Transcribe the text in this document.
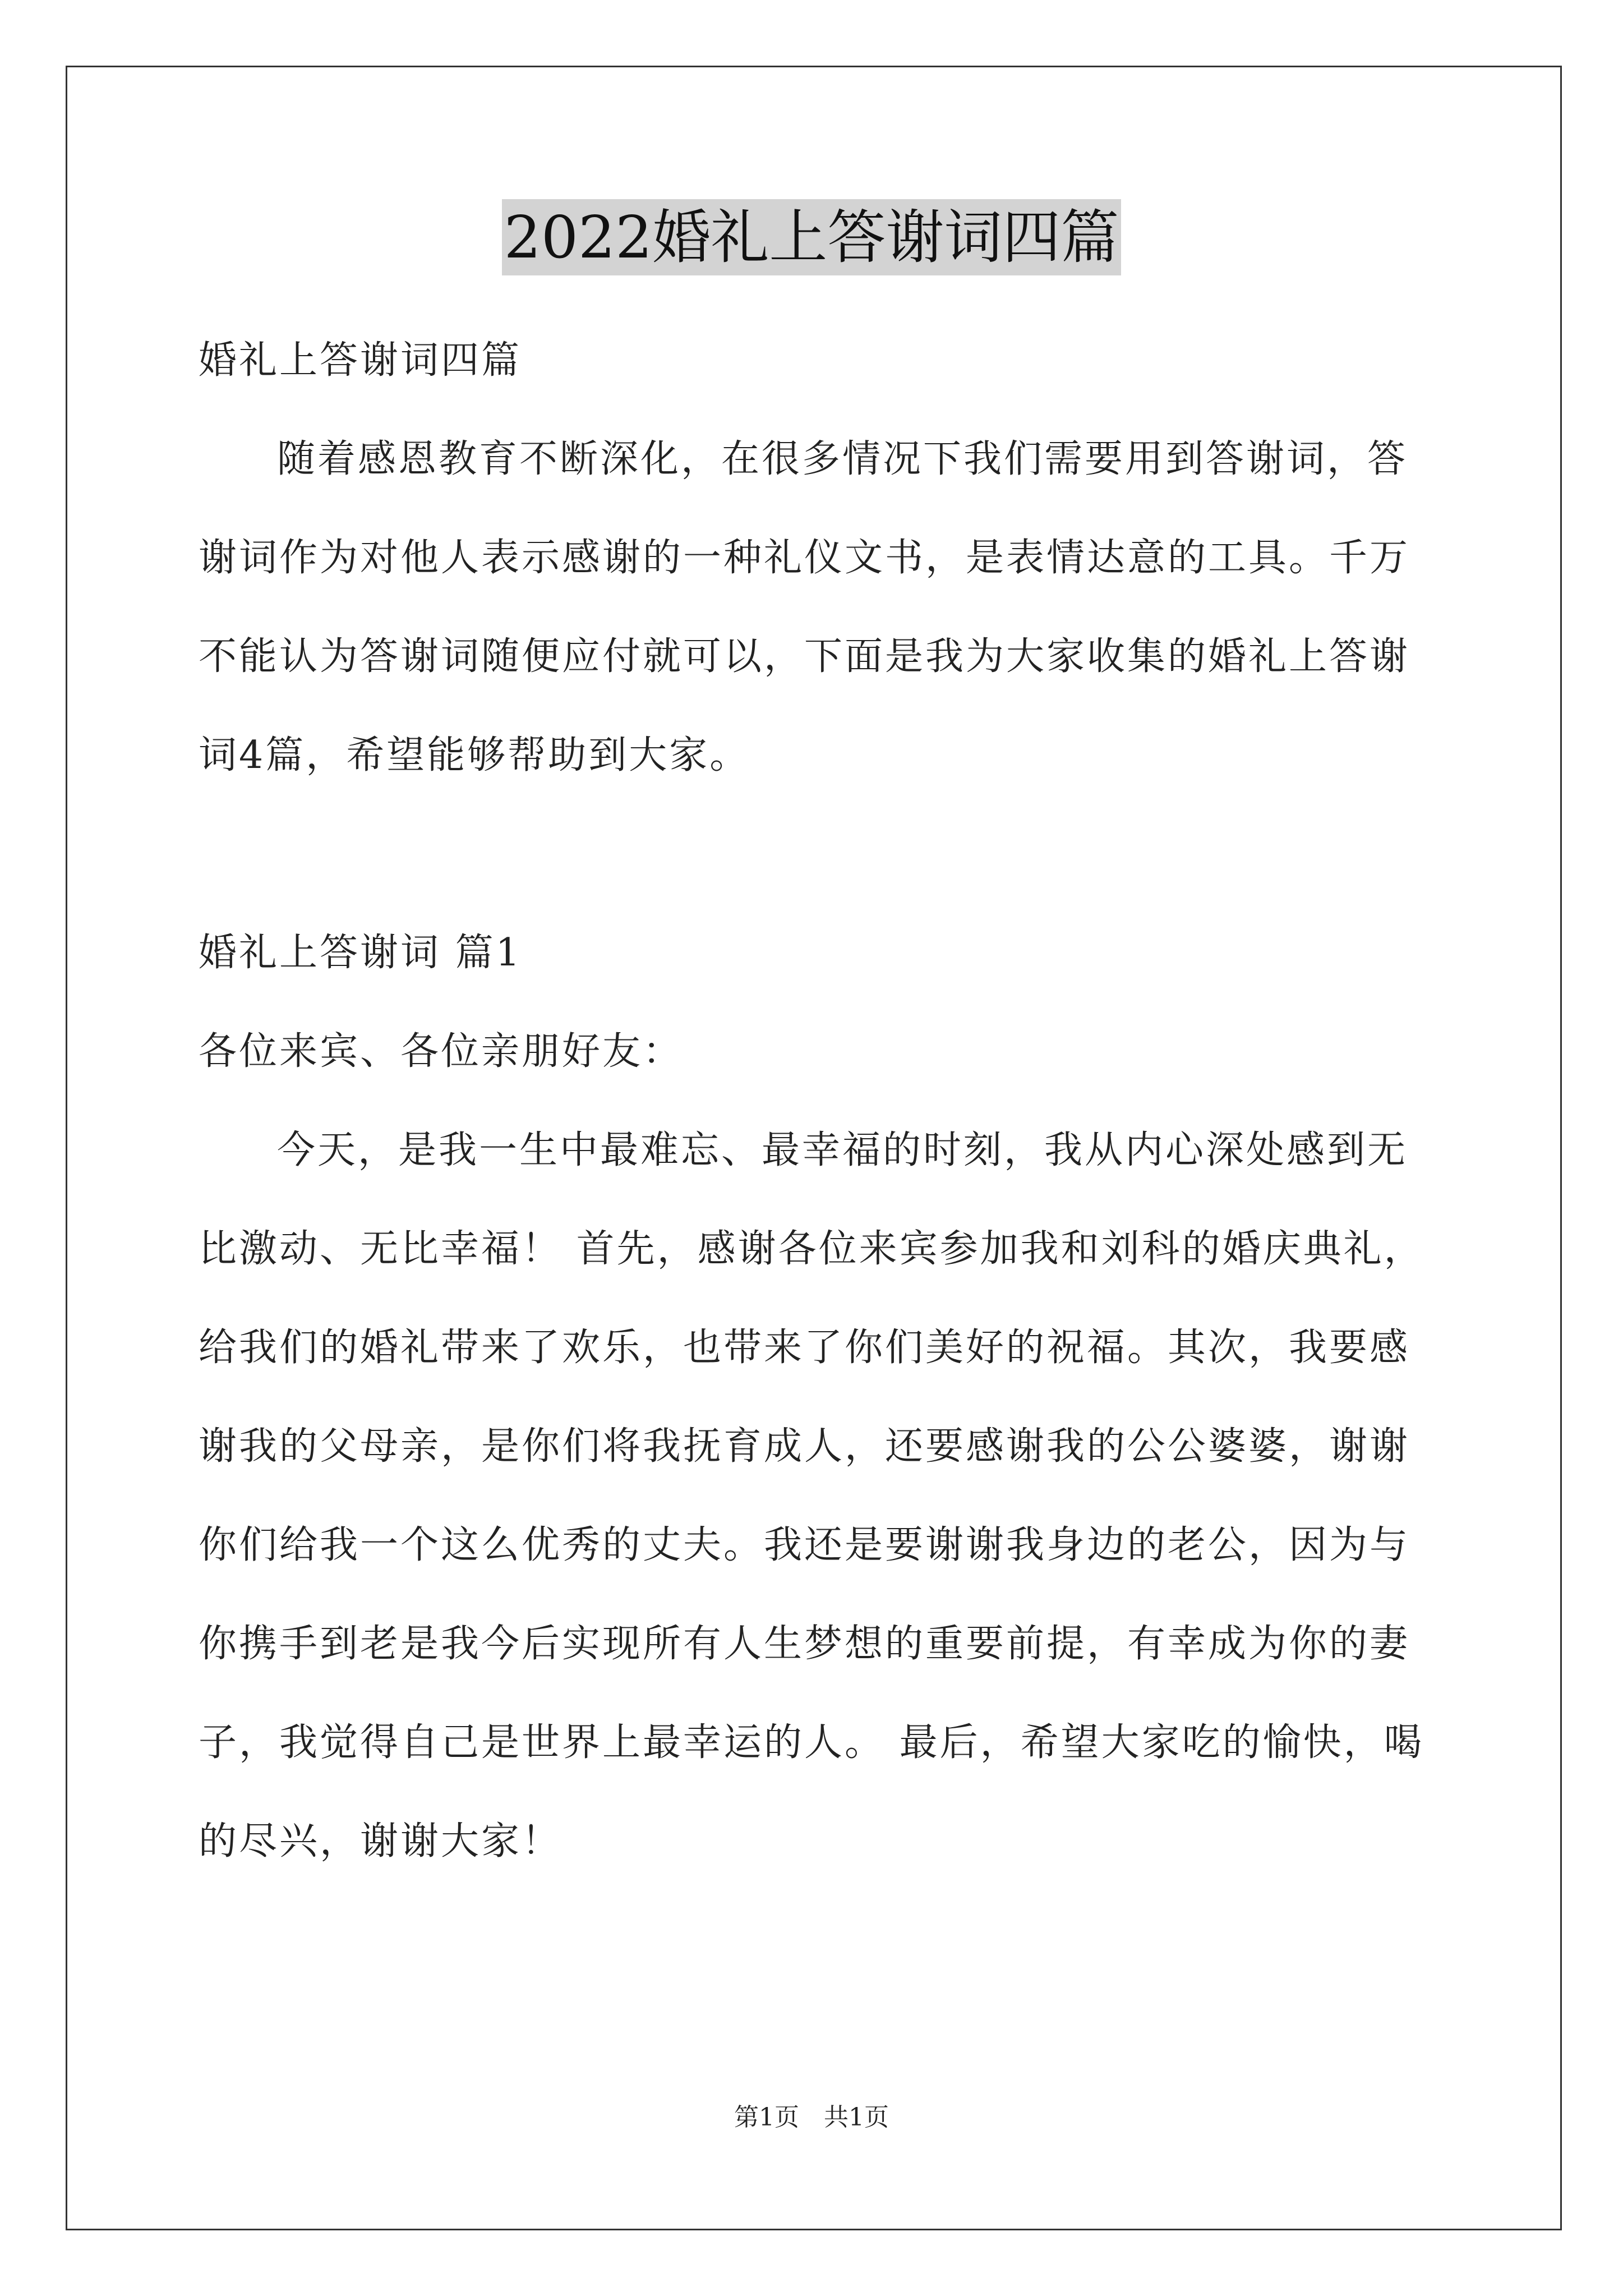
2022婚礼上答谢词四篇

婚礼上答谢词四篇

随着感恩教育不断深化，在很多情况下我们需要用到答谢词，答谢词作为对他人表示感谢的一种礼仪文书，是表情达意的工具。千万不能认为答谢词随便应付就可以，下面是我为大家收集的婚礼上答谢词4篇，希望能够帮助到大家。

婚礼上答谢词 篇1

各位来宾、各位亲朋好友：

今天，是我一生中最难忘、最幸福的时刻，我从内心深处感到无比激动、无比幸福！ 首先，感谢各位来宾参加我和刘科的婚庆典礼，给我们的婚礼带来了欢乐，也带来了你们美好的祝福。其次，我要感谢我的父母亲，是你们将我抚育成人，还要感谢我的公公婆婆，谢谢你们给我一个这么优秀的丈夫。我还是要谢谢我身边的老公，因为与你携手到老是我今后实现所有人生梦想的重要前提，有幸成为你的妻子，我觉得自己是世界上最幸运的人。 最后，希望大家吃的愉快，喝的尽兴，谢谢大家！

第1页　共1页
